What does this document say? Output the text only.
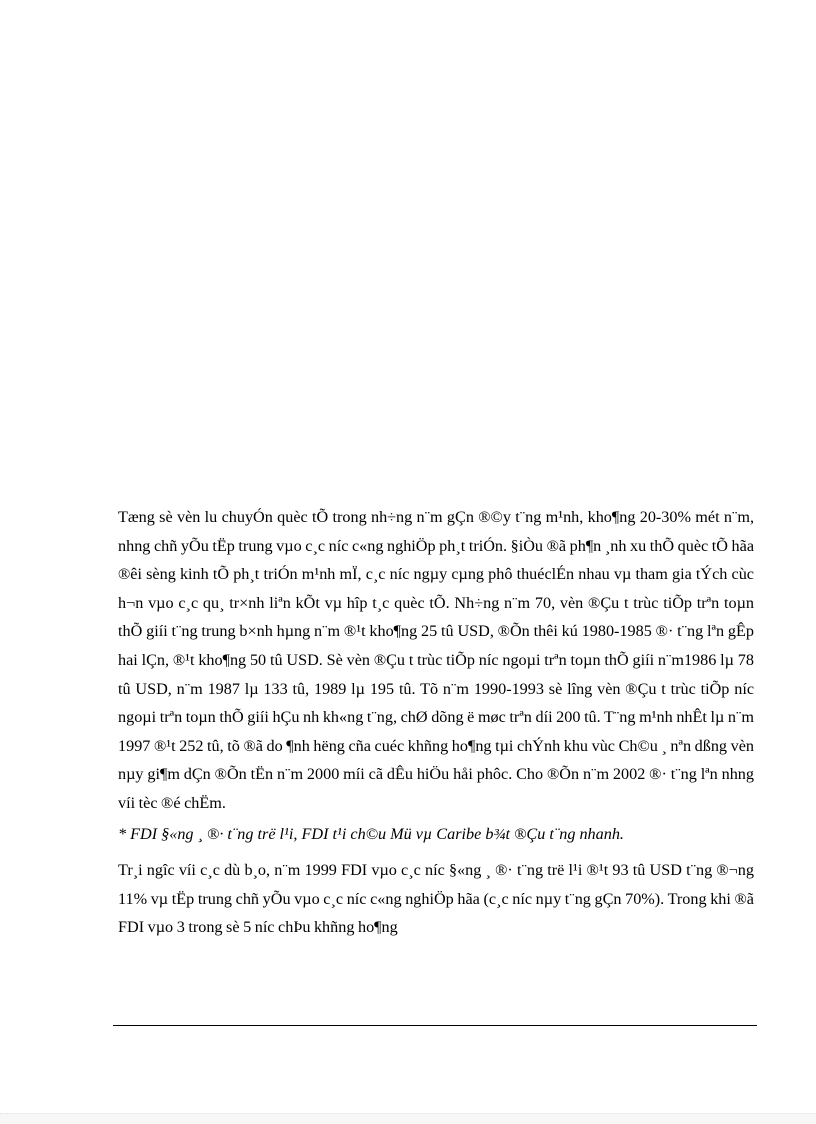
Tæng sè vèn lu chuyÓn quèc tÕ trong nh÷ng n¨m gÇn ®©y t¨ng m¹nh, kho¶ng 20-30% mét n¨m, nhng chñ yÕu tËp trung vµo c¸c níc c«ng nghiÖp ph¸t triÓn. §iÒu ®ã ph¶n ¸nh xu thÕ quèc tÕ hãa ®êi sèng kinh tÕ ph¸t triÓn m¹nh mÏ, c¸c níc ngµy cµng phô thuéclÉn nhau vµ tham gia tÝch cùc h¬n vµo c¸c qu¸ tr×nh liªn kÕt vµ hîp t¸c quèc tÕ. Nh÷ng n¨m 70, vèn ®Çu t trùc tiÕp trªn toµn thÕ giíi t¨ng trung b×nh hµng n¨m ®¹t kho¶ng 25 tû USD, ®Õn thêi kú 1980-1985 ®· t¨ng lªn gÊp hai lÇn, ®¹t kho¶ng 50 tû USD. Sè vèn ®Çu t trùc tiÕp níc ngoµi trªn toµn thÕ giíi n¨m1986 lµ 78 tû USD, n¨m 1987 lµ 133 tû, 1989 lµ 195 tû. Tõ n¨m 1990-1993 sè lîng vèn ®Çu t trùc tiÕp níc ngoµi trªn toµn thÕ giíi hÇu nh kh«ng t¨ng, chØ dõng ë møc trªn díi 200 tû. T¨ng m¹nh nhÊt lµ n¨m 1997 ®¹t 252 tû, tõ ®ã do ¶nh hëng cña cuéc khñng ho¶ng tµi chÝnh khu vùc Ch©u ¸ nªn dßng vèn nµy gi¶m dÇn ®Õn tËn n¨m 2000 míi cã dÊu hiÖu håi phôc. Cho ®Õn n¨m 2002 ®· t¨ng lªn nhng víi tèc ®é chËm.

* FDI §«ng ¸ ®· t¨ng trë l¹i, FDI t¹i ch©u Mü vµ Caribe b¾t ®Çu t¨ng nhanh.

Tr¸i ngîc víi c¸c dù b¸o, n¨m 1999 FDI vµo c¸c níc §«ng ¸ ®· t¨ng trë l¹i ®¹t 93 tû USD t¨ng ®¬ng 11% vµ tËp trung chñ yÕu vµo c¸c níc c«ng nghiÖp hãa (c¸c níc nµy t¨ng gÇn 70%). Trong khi ®ã FDI vµo 3 trong sè 5 níc chÞu khñng ho¶ng
